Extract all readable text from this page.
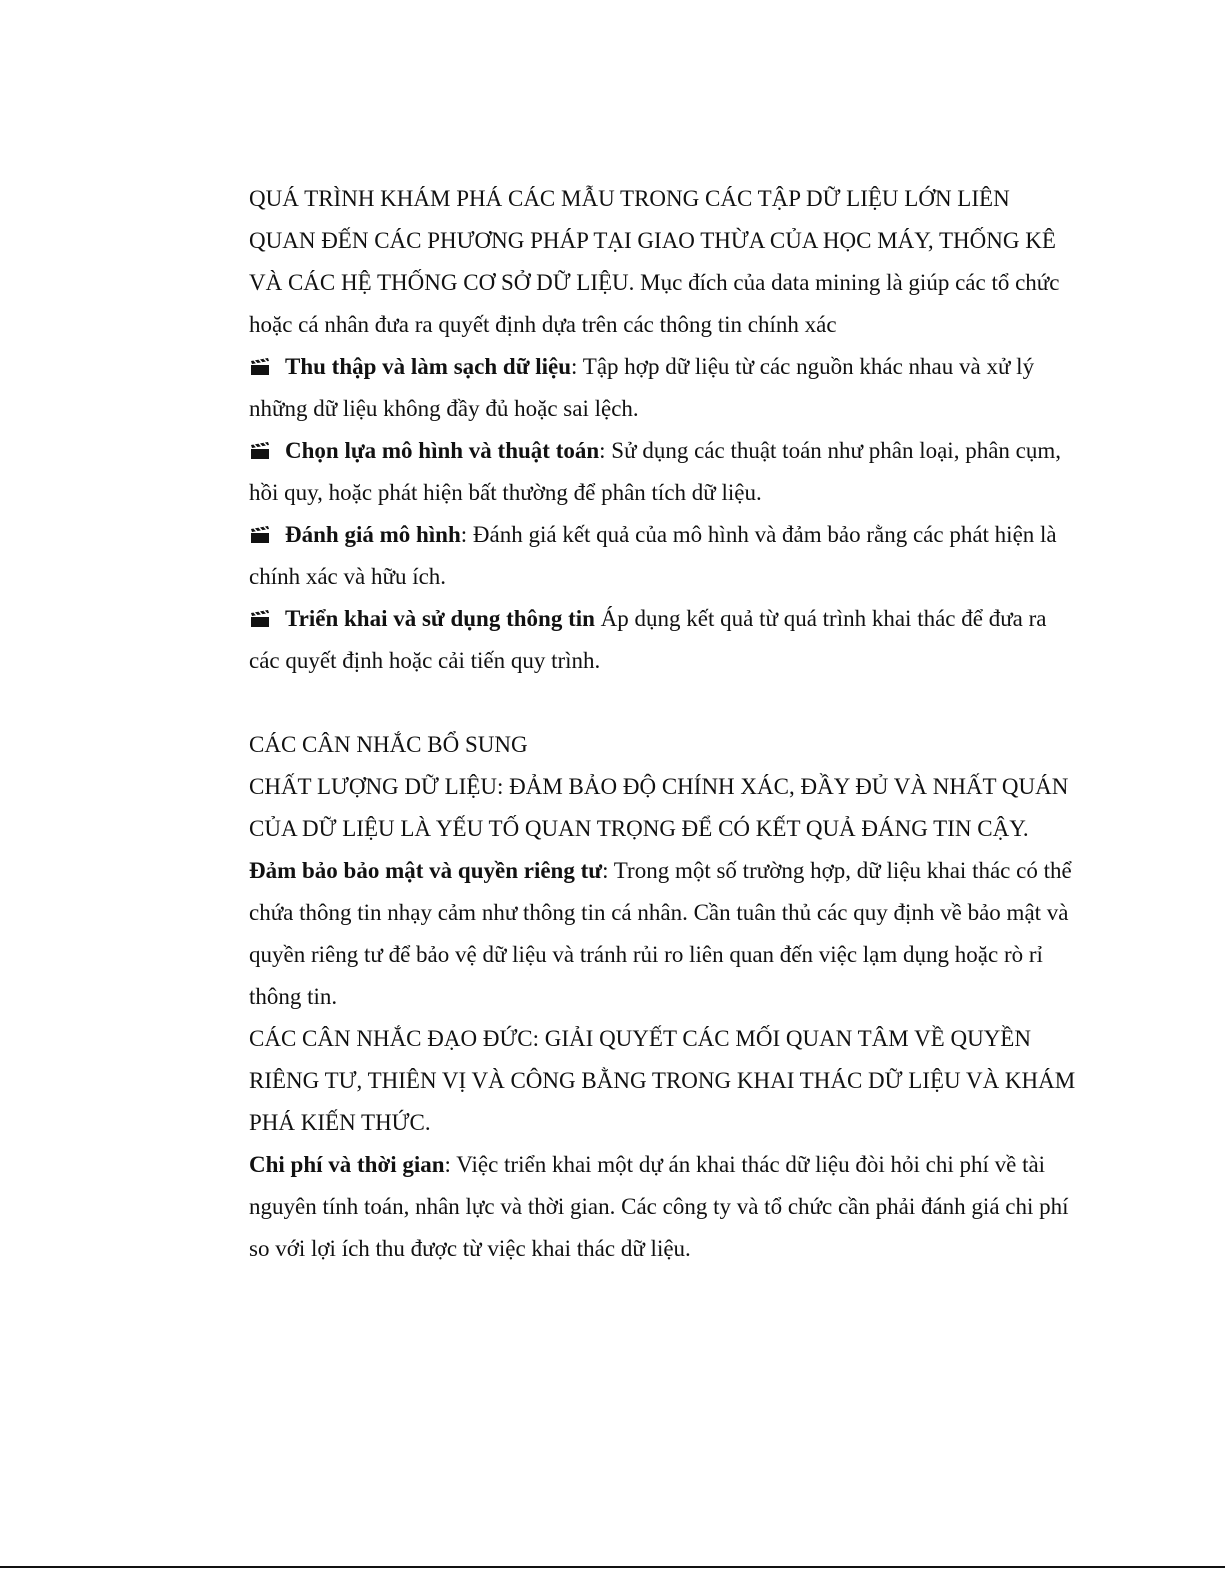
QUÁ TRÌNH KHÁM PHÁ CÁC MẪU TRONG CÁC TẬP DỮ LIỆU LỚN LIÊN QUAN ĐẾN CÁC PHƯƠNG PHÁP TẠI GIAO THỪA CỦA HỌC MÁY, THỐNG KÊ VÀ CÁC HỆ THỐNG CƠ SỞ DỮ LIỆU. Mục đích của data mining là giúp các tổ chức hoặc cá nhân đưa ra quyết định dựa trên các thông tin chính xác

Thu thập và làm sạch dữ liệu: Tập hợp dữ liệu từ các nguồn khác nhau và xử lý những dữ liệu không đầy đủ hoặc sai lệch.

Chọn lựa mô hình và thuật toán: Sử dụng các thuật toán như phân loại, phân cụm, hồi quy, hoặc phát hiện bất thường để phân tích dữ liệu.

Đánh giá mô hình: Đánh giá kết quả của mô hình và đảm bảo rằng các phát hiện là chính xác và hữu ích.

Triển khai và sử dụng thông tin Áp dụng kết quả từ quá trình khai thác để đưa ra các quyết định hoặc cải tiến quy trình.

CÁC CÂN NHẮC BỔ SUNG

CHẤT LƯỢNG DỮ LIỆU: ĐẢM BẢO ĐỘ CHÍNH XÁC, ĐẦY ĐỦ VÀ NHẤT QUÁN CỦA DỮ LIỆU LÀ YẾU TỐ QUAN TRỌNG ĐỂ CÓ KẾT QUẢ ĐÁNG TIN CẬY.

Đảm bảo bảo mật và quyền riêng tư: Trong một số trường hợp, dữ liệu khai thác có thể chứa thông tin nhạy cảm như thông tin cá nhân. Cần tuân thủ các quy định về bảo mật và quyền riêng tư để bảo vệ dữ liệu và tránh rủi ro liên quan đến việc lạm dụng hoặc rò rỉ thông tin.

CÁC CÂN NHẮC ĐẠO ĐỨC: GIẢI QUYẾT CÁC MỐI QUAN TÂM VỀ QUYỀN RIÊNG TƯ, THIÊN VỊ VÀ CÔNG BẰNG TRONG KHAI THÁC DỮ LIỆU VÀ KHÁM PHÁ KIẾN THỨC.

Chi phí và thời gian: Việc triển khai một dự án khai thác dữ liệu đòi hỏi chi phí về tài nguyên tính toán, nhân lực và thời gian. Các công ty và tổ chức cần phải đánh giá chi phí so với lợi ích thu được từ việc khai thác dữ liệu.
